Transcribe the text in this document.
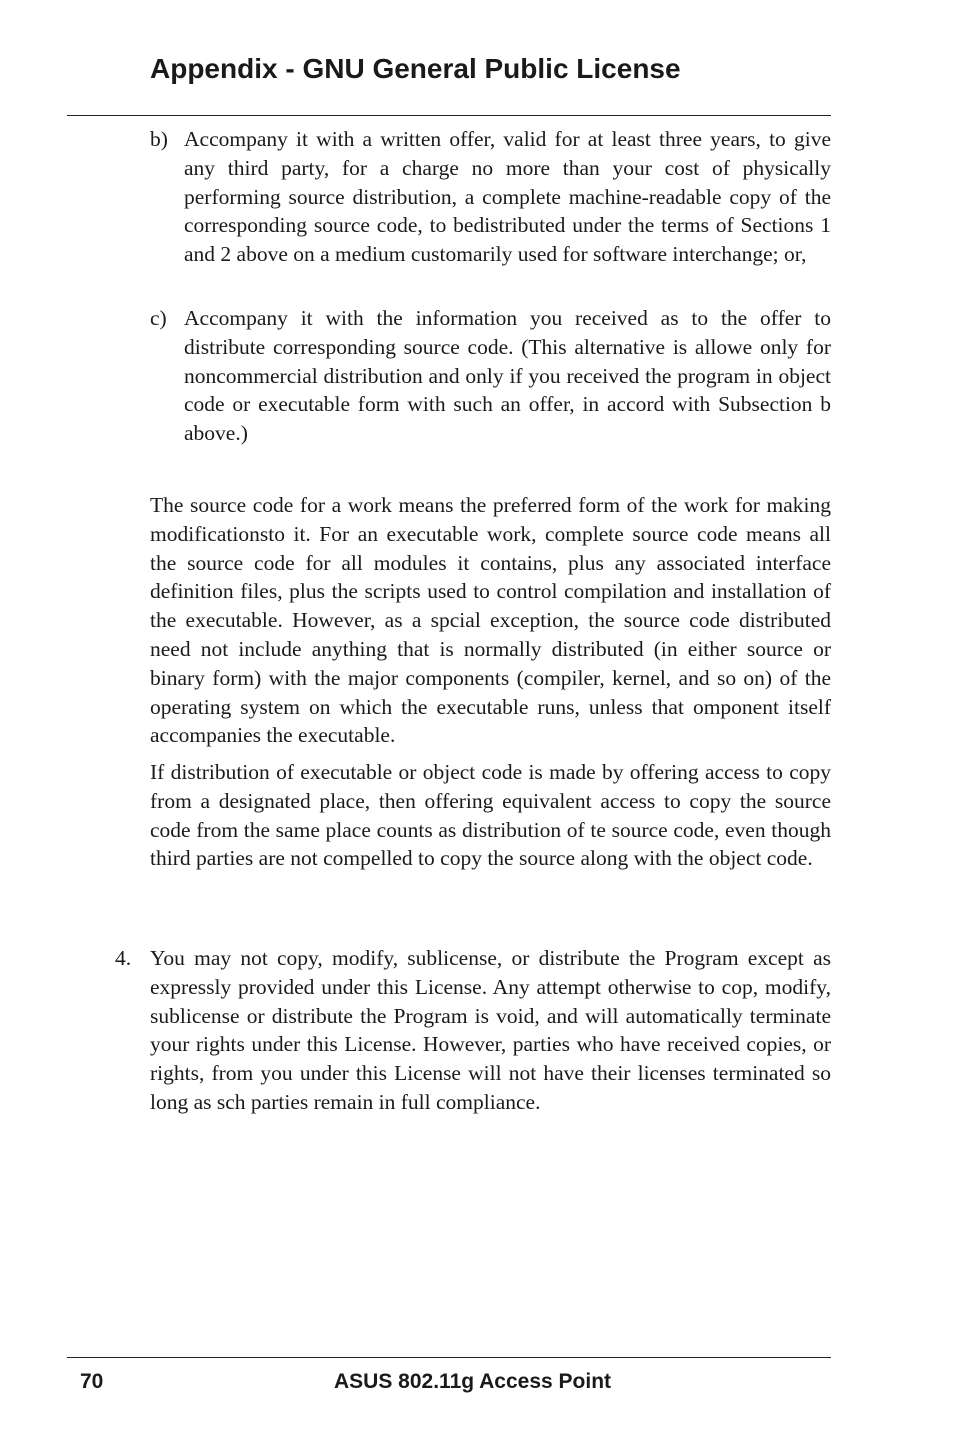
Appendix - GNU General Public License
b) Accompany it with a written offer, valid for at least three years, to give any third party, for a charge no more than your cost of physically performing source distribution, a complete machine-readable copy of the corresponding source code, to bedistributed under the terms of Sections 1 and 2 above on a medium customarily used for software interchange; or,

c) Accompany it with the information you received as to the offer to distribute corresponding source code. (This alternative is allowe only for noncommercial distribution and only if you received the program in object code or executable form with such an offer, in accord with Subsection b above.)

The source code for a work means the preferred form of the work for making modificationsto it. For an executable work, complete source code means all the source code for all modules it contains, plus any associated interface definition files, plus the scripts used to control compilation and installation of the executable. However, as a spcial exception, the source code distributed need not include anything that is normally distributed (in either source or binary form) with the major components (compiler, kernel, and so on) of the operating system on which the executable runs, unless that omponent itself accompanies the executable.

If distribution of executable or object code is made by offering access to copy from a designated place, then offering equivalent access to copy the source code from the same place counts as distribution of te source code, even though third parties are not compelled to copy the source along with the object code.

4. You may not copy, modify, sublicense, or distribute the Program except as expressly provided under this License. Any attempt otherwise to cop, modify, sublicense or distribute the Program is void, and will automatically terminate your rights under this License. However, parties who have received copies, or rights, from you under this License will not have their licenses terminated so long as sch parties remain in full compliance.

70	ASUS 802.11g Access Point
